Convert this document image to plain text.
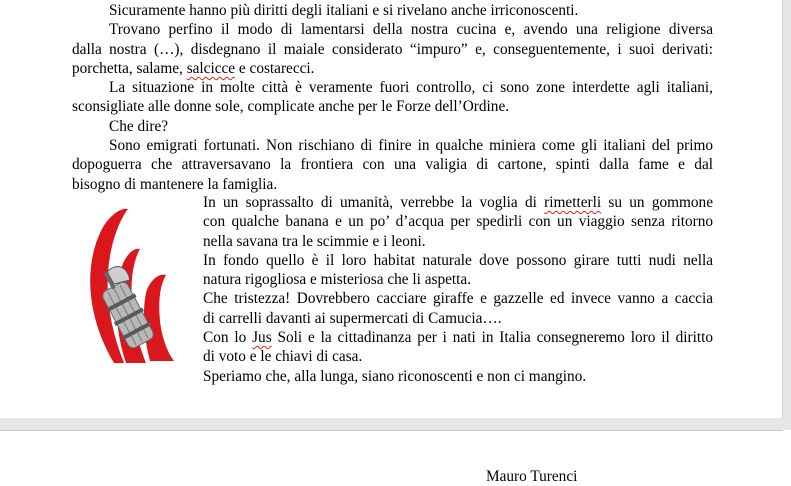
Sicuramente hanno più diritti degli italiani e si rivelano anche irriconoscenti.
Trovano perfino il modo di lamentarsi della nostra cucina e, avendo una religione diversa
dalla nostra (…), disdegnano il maiale considerato “impuro” e, conseguentemente, i suoi derivati:
porchetta, salame, salcicce e costarecci.
La situazione in molte città è veramente fuori controllo, ci sono zone interdette agli italiani,
sconsigliate alle donne sole, complicate anche per le Forze dell’Ordine.
Che dire?
Sono emigrati fortunati. Non rischiano di finire in qualche miniera come gli italiani del primo
dopoguerra che attraversavano la frontiera con una valigia di cartone, spinti dalla fame e dal
bisogno di mantenere la famiglia.
In un soprassalto di umanità, verrebbe la voglia di rimetterli su un gommone
con qualche banana e un po’ d’acqua per spedirli con un viaggio senza ritorno
nella savana tra le scimmie e i leoni.
In fondo quello è il loro habitat naturale dove possono girare tutti nudi nella
natura rigogliosa e misteriosa che li aspetta.
Che tristezza! Dovrebbero cacciare giraffe e gazzelle ed invece vanno a caccia
di carrelli davanti ai supermercati di Camucia….
Con lo Jus Soli e la cittadinanza per i nati in Italia consegneremo loro il diritto
di voto e le chiavi di casa.
Speriamo che, alla lunga, siano riconoscenti e non ci mangino.
Mauro Turenci
